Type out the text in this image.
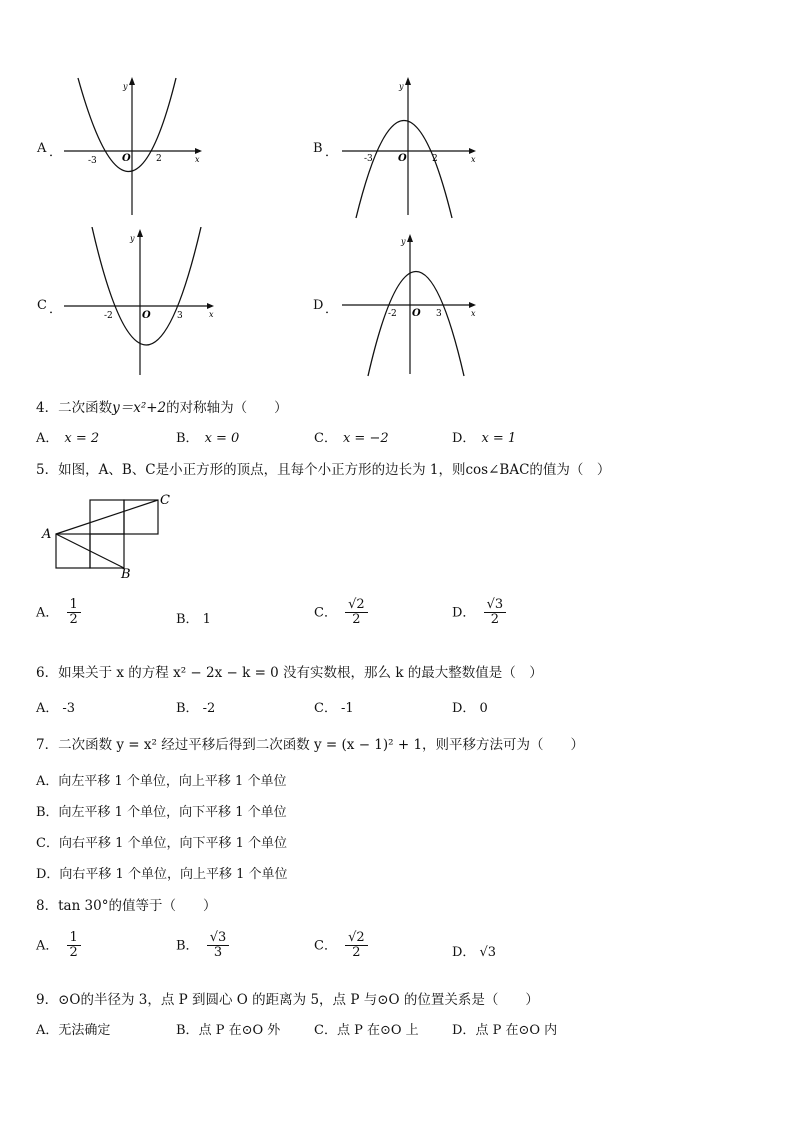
A ．
-3	O	2	x
y
B ．	-3	O	2	x
y
C ．	-2	O	3	x
y
D ．	-2 O 3	x
y
4．二次函数y＝x²+2的对称轴为（　　）
A． x = 2	B． x = 0	C． x = −2	D． x = 1
5．如图，A、B、C是小正方形的顶点，且每个小正方形的边长为 1，则cos∠BAC的值为（　）
A
B
C
A． $\frac{1}{2}$	B． 1	C． $\frac{√2}{2}$	D． $\frac{√3}{2}$
6．如果关于 x 的方程 x² − 2x − k = 0 没有实数根，那么 k 的最大整数值是（　）
A． -3	B． -2	C． -1	D． 0
7．二次函数 y = x² 经过平移后得到二次函数 y = (x − 1)² + 1，则平移方法可为（　　）
A．向左平移 1 个单位，向上平移 1 个单位
B．向左平移 1 个单位，向下平移 1 个单位
C．向右平移 1 个单位，向下平移 1 个单位
D．向右平移 1 个单位，向上平移 1 个单位
8．tan 30°的值等于（　　）
A． $\frac{1}{2}$	B． $\frac{√3}{3}$	C． $\frac{√2}{2}$	D． √3
9．⊙O的半径为 3，点 P 到圆心 O 的距离为 5，点 P 与⊙O 的位置关系是（　　）
A．无法确定	B．点 P 在⊙O 外	C．点 P 在⊙O 上	D．点 P 在⊙O 内
